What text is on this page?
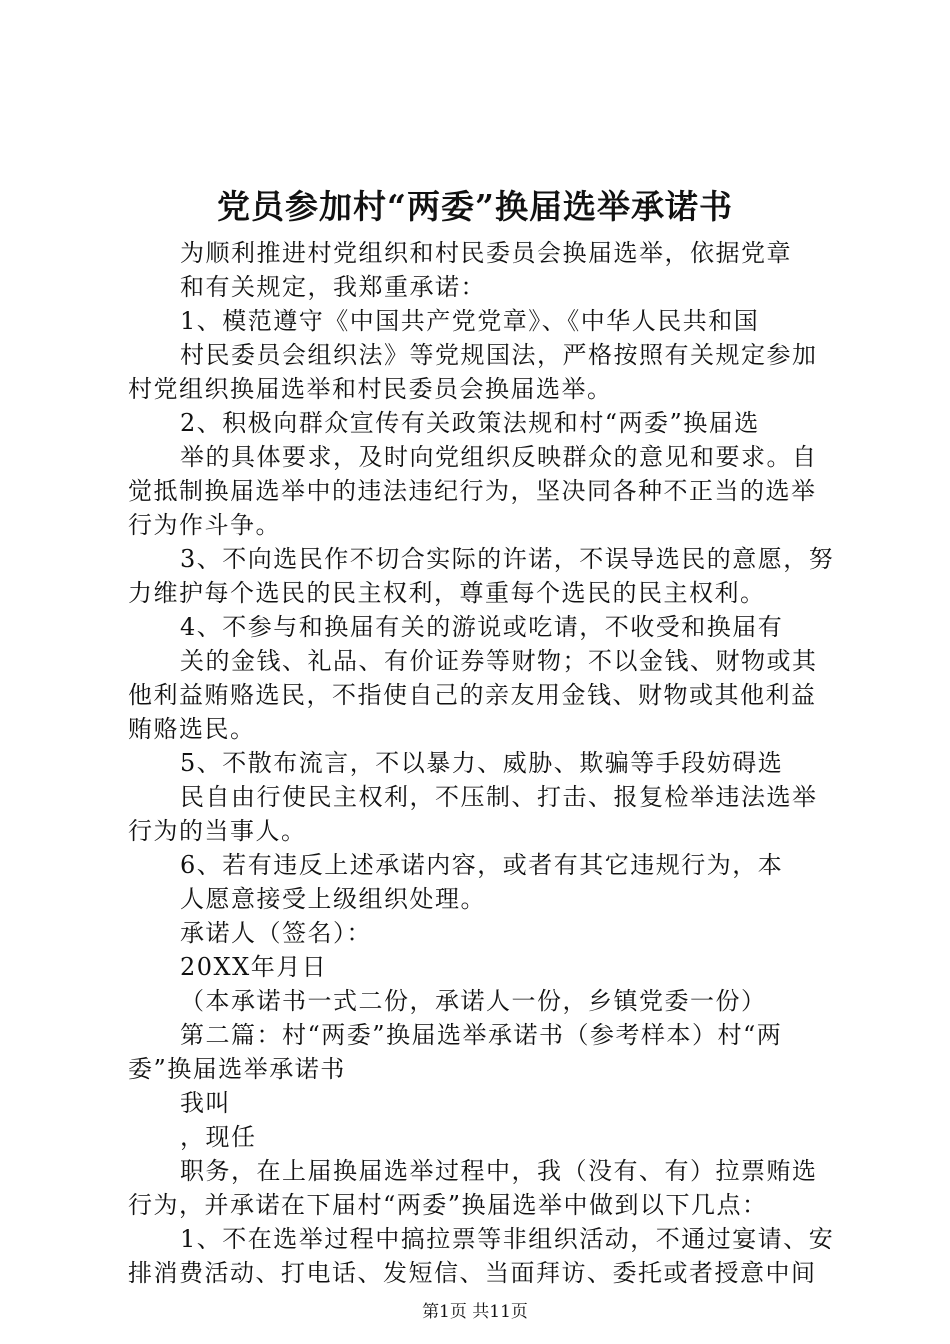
党员参加村“两委”换届选举承诺书
为顺利推进村党组织和村民委员会换届选举，依据党章
和有关规定，我郑重承诺：
1、模范遵守《中国共产党党章》、《中华人民共和国
村民委员会组织法》等党规国法，严格按照有关规定参加
村党组织换届选举和村民委员会换届选举。
2、积极向群众宣传有关政策法规和村“两委”换届选
举的具体要求，及时向党组织反映群众的意见和要求。自
觉抵制换届选举中的违法违纪行为，坚决同各种不正当的选举
行为作斗争。
3、不向选民作不切合实际的许诺，不误导选民的意愿，努
力维护每个选民的民主权利，尊重每个选民的民主权利。
4、不参与和换届有关的游说或吃请，不收受和换届有
关的金钱、礼品、有价证券等财物；不以金钱、财物或其
他利益贿赂选民，不指使自己的亲友用金钱、财物或其他利益
贿赂选民。
5、不散布流言，不以暴力、威胁、欺骗等手段妨碍选
民自由行使民主权利，不压制、打击、报复检举违法选举
行为的当事人。
6、若有违反上述承诺内容，或者有其它违规行为，本
人愿意接受上级组织处理。
承诺人（签名）：
20XX年月日
（本承诺书一式二份，承诺人一份，乡镇党委一份）
第二篇：村“两委”换届选举承诺书（参考样本）村“两
委”换届选举承诺书
我叫
，现任
职务，在上届换届选举过程中，我（没有、有）拉票贿选
行为，并承诺在下届村“两委”换届选举中做到以下几点：
1、不在选举过程中搞拉票等非组织活动，不通过宴请、安
排消费活动、打电话、发短信、当面拜访、委托或者授意中间
第1页 共11页
